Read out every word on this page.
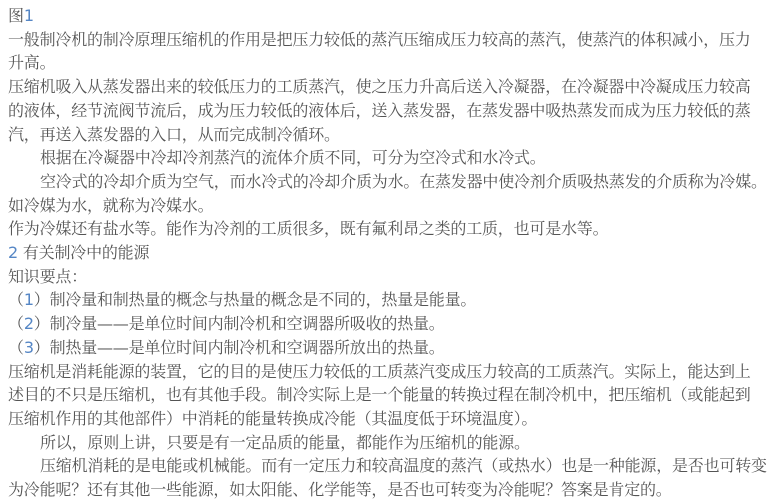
图1
一般制冷机的制冷原理压缩机的作用是把压力较低的蒸汽压缩成压力较高的蒸汽，使蒸汽的体积减小，压力
升高。
压缩机吸入从蒸发器出来的较低压力的工质蒸汽，使之压力升高后送入冷凝器，在冷凝器中冷凝成压力较高
的液体，经节流阀节流后，成为压力较低的液体后，送入蒸发器，在蒸发器中吸热蒸发而成为压力较低的蒸
汽，再送入蒸发器的入口，从而完成制冷循环。
根据在冷凝器中冷却冷剂蒸汽的流体介质不同，可分为空冷式和水冷式。
空冷式的冷却介质为空气，而水冷式的冷却介质为水。在蒸发器中使冷剂介质吸热蒸发的介质称为冷媒。
如冷媒为水，就称为冷媒水。
作为冷媒还有盐水等。能作为冷剂的工质很多，既有氟利昂之类的工质，也可是水等。
2 有关制冷中的能源
知识要点：
（1）制冷量和制热量的概念与热量的概念是不同的，热量是能量。
（2）制冷量——是单位时间内制冷机和空调器所吸收的热量。
（3）制热量——是单位时间内制冷机和空调器所放出的热量。
压缩机是消耗能源的装置，它的目的是使压力较低的工质蒸汽变成压力较高的工质蒸汽。实际上，能达到上
述目的不只是压缩机，也有其他手段。制冷实际上是一个能量的转换过程在制冷机中，把压缩机（或能起到
压缩机作用的其他部件）中消耗的能量转换成冷能（其温度低于环境温度）。
所以，原则上讲，只要是有一定品质的能量，都能作为压缩机的能源。
压缩机消耗的是电能或机械能。而有一定压力和较高温度的蒸汽（或热水）也是一种能源，是否也可转变
为冷能呢？还有其他一些能源，如太阳能、化学能等，是否也可转变为冷能呢？答案是肯定的。
